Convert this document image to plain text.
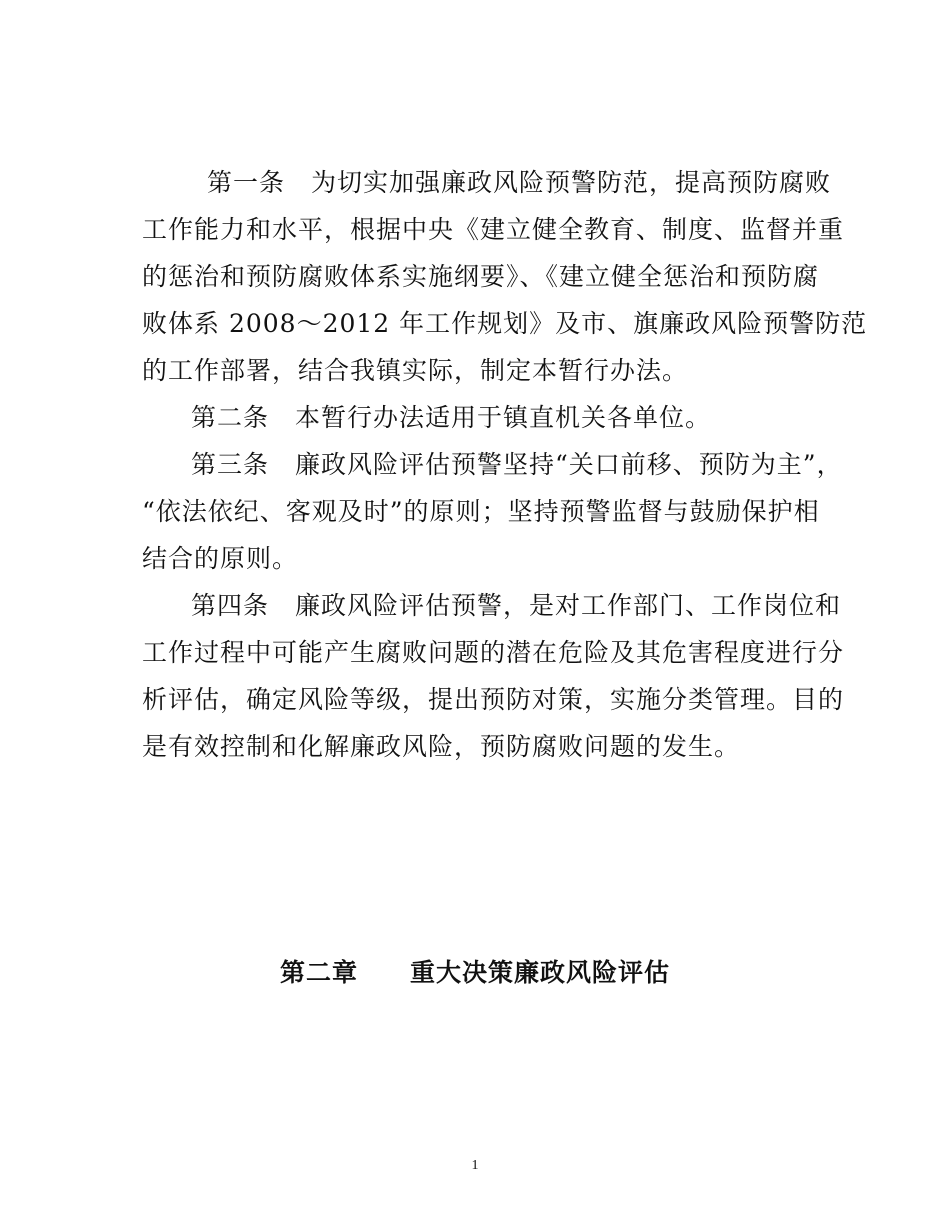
第一条　为切实加强廉政风险预警防范，提高预防腐败
工作能力和水平，根据中央《建立健全教育、制度、监督并重
的惩治和预防腐败体系实施纲要》、《建立健全惩治和预防腐
败体系 2008～2012 年工作规划》及市、旗廉政风险预警防范
的工作部署，结合我镇实际，制定本暂行办法。
第二条　本暂行办法适用于镇直机关各单位。
第三条　廉政风险评估预警坚持“关口前移、预防为主”，
“依法依纪、客观及时”的原则；坚持预警监督与鼓励保护相
结合的原则。
第四条　廉政风险评估预警，是对工作部门、工作岗位和
工作过程中可能产生腐败问题的潜在危险及其危害程度进行分
析评估，确定风险等级，提出预防对策，实施分类管理。目的
是有效控制和化解廉政风险，预防腐败问题的发生。
第二章　　重大决策廉政风险评估
1
